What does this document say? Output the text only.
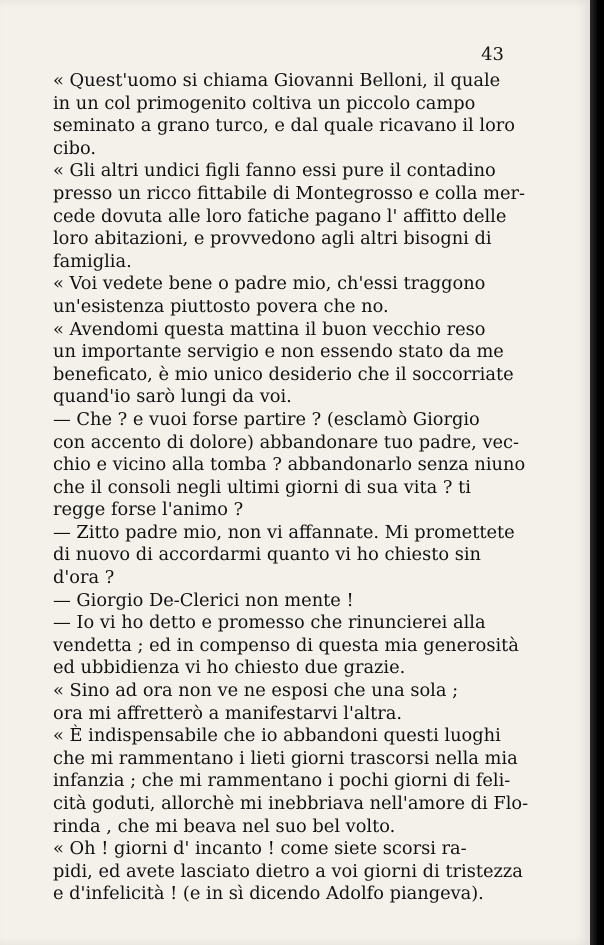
43
« Quest'uomo si chiama Giovanni Belloni, il quale
in un col primogenito coltiva un piccolo campo
seminato a grano turco, e dal quale ricavano il loro
cibo.
« Gli altri undici figli fanno essi pure il contadino
presso un ricco fittabile di Montegrosso e colla mer-
cede dovuta alle loro fatiche pagano l' affitto delle
loro abitazioni, e provvedono agli altri bisogni di
famiglia.
« Voi vedete bene o padre mio, ch'essi traggono
un'esistenza piuttosto povera che no.
« Avendomi questa mattina il buon vecchio reso
un importante servigio e non essendo stato da me
beneficato, è mio unico desiderio che il soccorriate
quand'io sarò lungi da voi.
— Che ? e vuoi forse partire ? (esclamò Giorgio
con accento di dolore) abbandonare tuo padre, vec-
chio e vicino alla tomba ? abbandonarlo senza niuno
che il consoli negli ultimi giorni di sua vita ? ti
regge forse l'animo ?
— Zitto padre mio, non vi affannate. Mi promettete
di nuovo di accordarmi quanto vi ho chiesto sin
d'ora ?
— Giorgio De-Clerici non mente !
— Io vi ho detto e promesso che rinuncierei alla
vendetta ; ed in compenso di questa mia generosità
ed ubbidienza vi ho chiesto due grazie.
« Sino ad ora non ve ne esposi che una sola ;
ora mi affretterò a manifestarvi l'altra.
« È indispensabile che io abbandoni questi luoghi
che mi rammentano i lieti giorni trascorsi nella mia
infanzia ; che mi rammentano i pochi giorni di feli-
cità goduti, allorchè mi inebbriava nell'amore di Flo-
rinda , che mi beava nel suo bel volto.
« Oh ! giorni d' incanto ! come siete scorsi ra-
pidi, ed avete lasciato dietro a voi giorni di tristezza
e d'infelicità ! (e in sì dicendo Adolfo piangeva).
